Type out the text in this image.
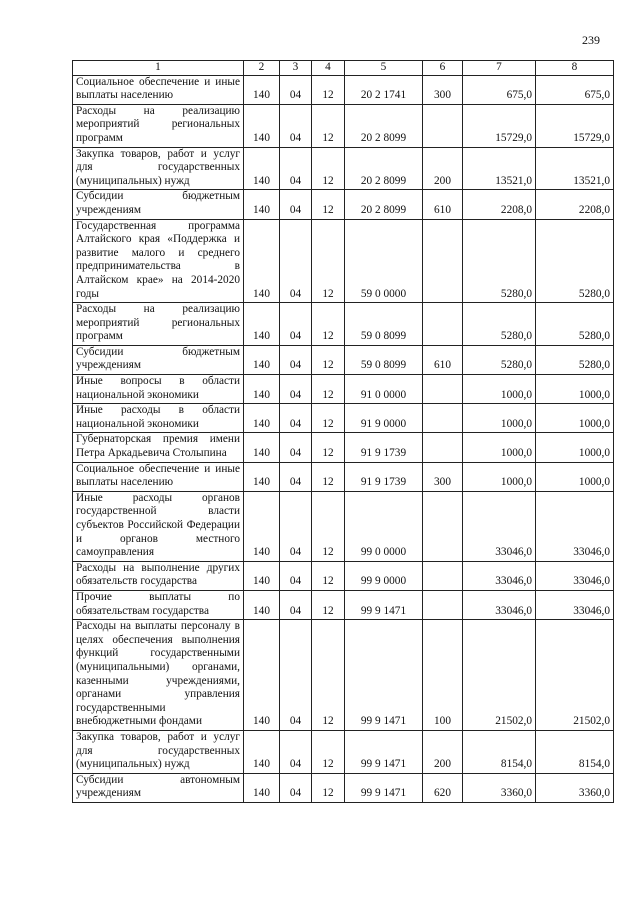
239
1	2	3	4	5	6	7	8
Социальное обеспечение и иные выплаты населению	140	04	12	20 2 1741	300	675,0	675,0
Расходы на реализацию мероприятий региональных программ	140	04	12	20 2 8099		15729,0	15729,0
Закупка товаров, работ и услуг для государственных (муниципальных) нужд	140	04	12	20 2 8099	200	13521,0	13521,0
Субсидии бюджетным учреждениям	140	04	12	20 2 8099	610	2208,0	2208,0
Государственная программа Алтайского края «Поддержка и развитие малого и среднего предпринимательства в Алтайском крае» на 2014-2020 годы	140	04	12	59 0 0000		5280,0	5280,0
Расходы на реализацию мероприятий региональных программ	140	04	12	59 0 8099		5280,0	5280,0
Субсидии бюджетным учреждениям	140	04	12	59 0 8099	610	5280,0	5280,0
Иные вопросы в области национальной экономики	140	04	12	91 0 0000		1000,0	1000,0
Иные расходы в области национальной экономики	140	04	12	91 9 0000		1000,0	1000,0
Губернаторская премия имени Петра Аркадьевича Столыпина	140	04	12	91 9 1739		1000,0	1000,0
Социальное обеспечение и иные выплаты населению	140	04	12	91 9 1739	300	1000,0	1000,0
Иные расходы органов государственной власти субъектов Российской Федерации и органов местного самоуправления	140	04	12	99 0 0000		33046,0	33046,0
Расходы на выполнение других обязательств государства	140	04	12	99 9 0000		33046,0	33046,0
Прочие выплаты по обязательствам государства	140	04	12	99 9 1471		33046,0	33046,0
Расходы на выплаты персоналу в целях обеспечения выполнения функций государственными (муниципальными) органами, казенными учреждениями, органами управления государственными внебюджетными фондами	140	04	12	99 9 1471	100	21502,0	21502,0
Закупка товаров, работ и услуг для государственных (муниципальных) нужд	140	04	12	99 9 1471	200	8154,0	8154,0
Субсидии автономным учреждениям	140	04	12	99 9 1471	620	3360,0	3360,0
